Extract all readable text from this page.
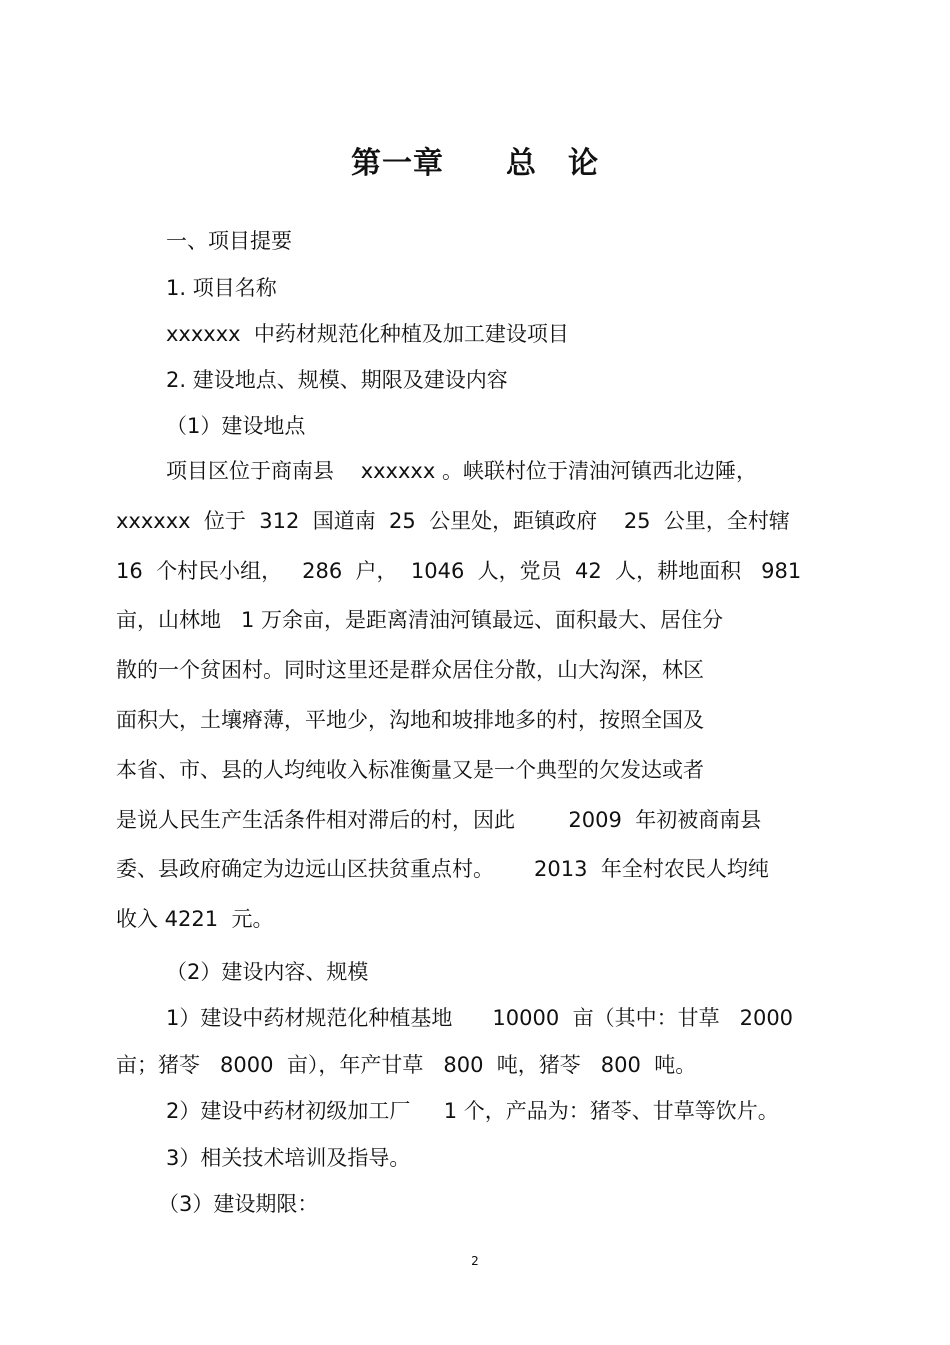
第一章　　总　论

一、项目提要

1. 项目名称

xxxxxx  中药材规范化种植及加工建设项目

2. 建设地点、规模、期限及建设内容

（1）建设地点

项目区位于商南县    xxxxxx 。峡联村位于清油河镇西北边陲，

xxxxxx  位于  312  国道南  25  公里处，距镇政府    25  公里，全村辖

16  个村民小组，   286  户，  1046  人，党员  42  人，耕地面积   981

亩，山林地   1 万余亩，是距离清油河镇最远、面积最大、居住分

散的一个贫困村。同时这里还是群众居住分散，山大沟深，林区

面积大，土壤瘠薄，平地少，沟地和坡排地多的村，按照全国及

本省、市、县的人均纯收入标准衡量又是一个典型的欠发达或者

是说人民生产生活条件相对滞后的村，因此        2009  年初被商南县

委、县政府确定为边远山区扶贫重点村。      2013  年全村农民人均纯

收入 4221  元。

（2）建设内容、规模

1）建设中药材规范化种植基地      10000  亩（其中：甘草   2000

亩；猪苓   8000  亩），年产甘草   800  吨，猪苓   800  吨。

2）建设中药材初级加工厂     1 个，产品为：猪苓、甘草等饮片。

3）相关技术培训及指导。

（3）建设期限：

2
